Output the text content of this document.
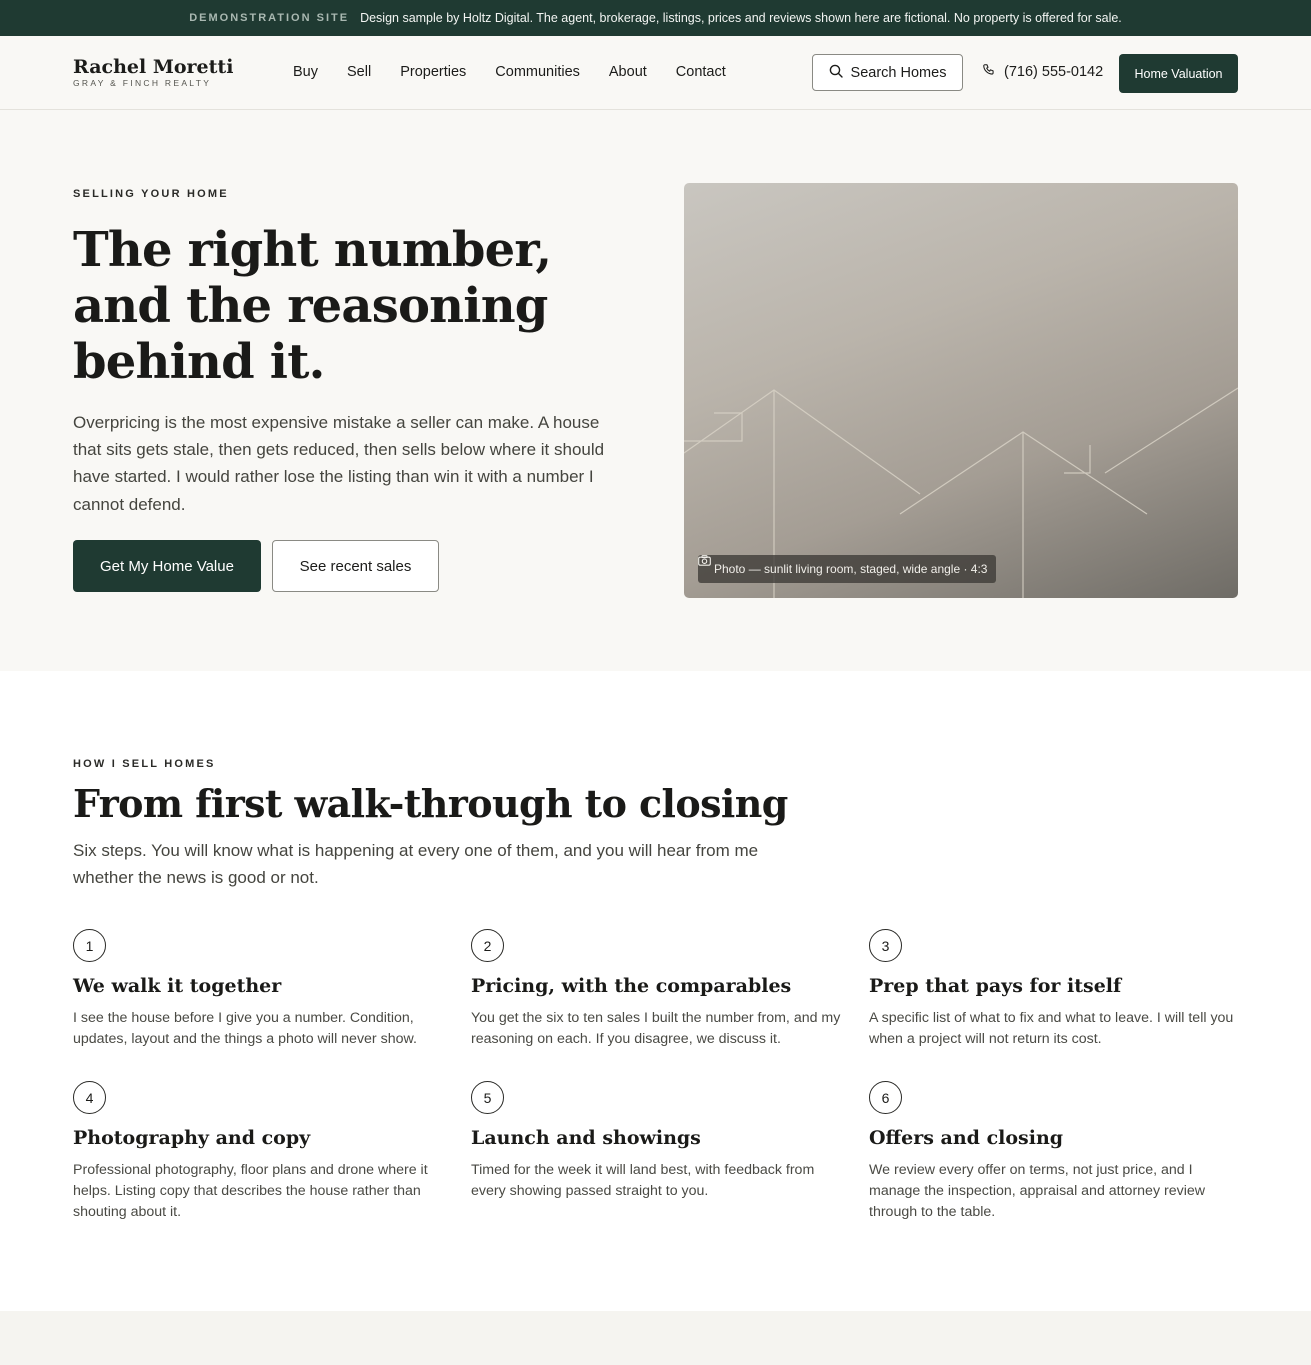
DEMONSTRATION SITE Design sample by Holtz Digital. The agent, brokerage, listings, prices and reviews shown here are fictional. No property is offered for sale.
Rachel Moretti
GRAY & FINCH REALTY
Buy Sell Properties Communities About Contact	Search Homes	(716) 555-0142	Home Valuation
SELLING YOUR HOME
The right number, and the reasoning behind it.

Overpricing is the most expensive mistake a seller can make. A house that sits gets stale, then gets reduced, then sells below where it should have started. I would rather lose the listing than win it with a number I cannot defend.

Get My Home Value	See recent sales	Photo — sunlit living room, staged, wide angle · 4:3
HOW I SELL HOMES
From first walk-through to closing

Six steps. You will know what is happening at every one of them, and you will hear from me whether the news is good or not.

1
We walk it together
I see the house before I give you a number. Condition, updates, layout and the things a photo will never show.
2
Pricing, with the comparables
You get the six to ten sales I built the number from, and my reasoning on each. If you disagree, we discuss it.
3
Prep that pays for itself
A specific list of what to fix and what to leave. I will tell you when a project will not return its cost.
4
Photography and copy
Professional photography, floor plans and drone where it helps. Listing copy that describes the house rather than shouting about it.
5
Launch and showings
Timed for the week it will land best, with feedback from every showing passed straight to you.
6
Offers and closing
We review every offer on terms, not just price, and I manage the inspection, appraisal and attorney review through to the table.
